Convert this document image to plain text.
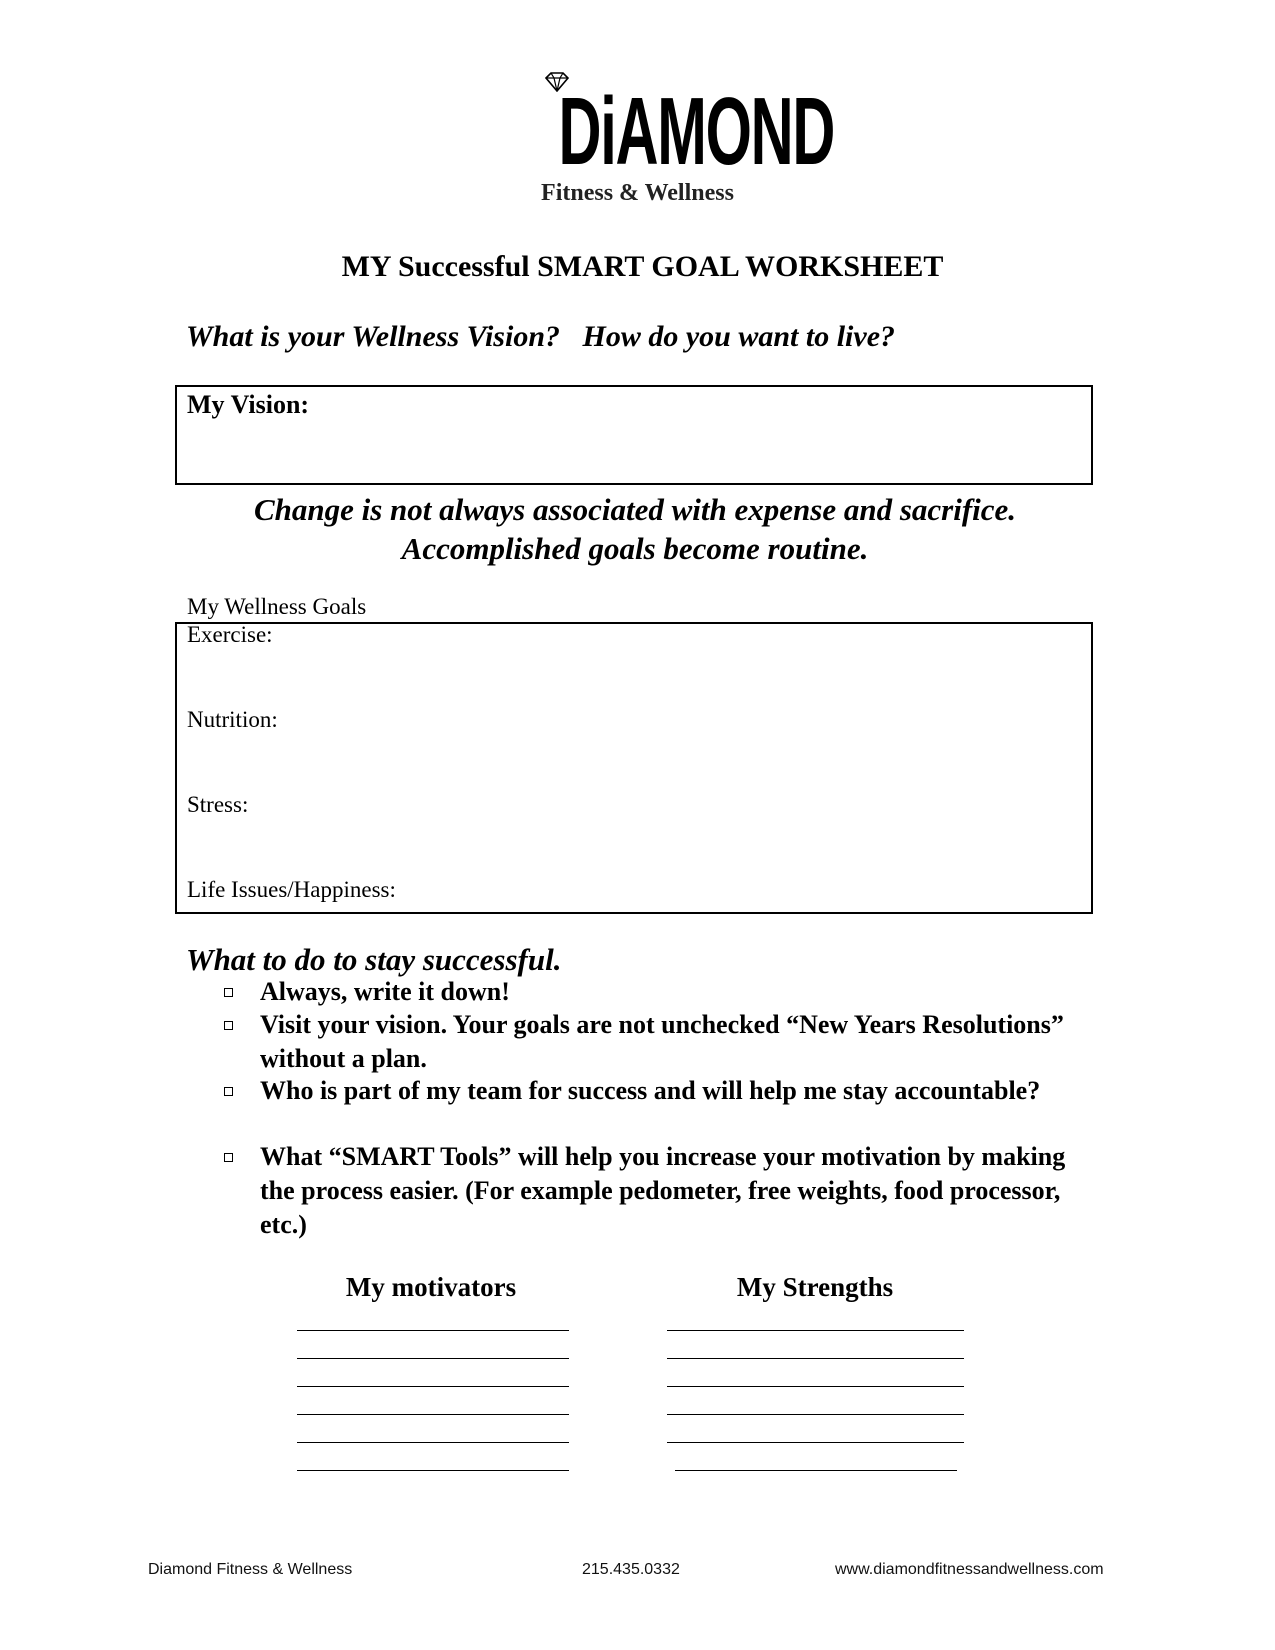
DiAMOND
Fitness & Wellness
MY Successful SMART GOAL WORKSHEET
What is your Wellness Vision?   How do you want to live?
My Vision:
Change is not always associated with expense and sacrifice.
Accomplished goals become routine.
My Wellness Goals
Exercise:
Nutrition:
Stress:
Life Issues/Happiness:
What to do to stay successful.
Always, write it down!
Visit your vision. Your goals are not unchecked “New Years Resolutions” without a plan.
Who is part of my team for success and will help me stay accountable?
What “SMART Tools” will help you increase your motivation by making the process easier. (For example pedometer, free weights, food processor, etc.)
My motivators	My Strengths
Diamond Fitness & Wellness	215.435.0332	www.diamondfitnessandwellness.com
